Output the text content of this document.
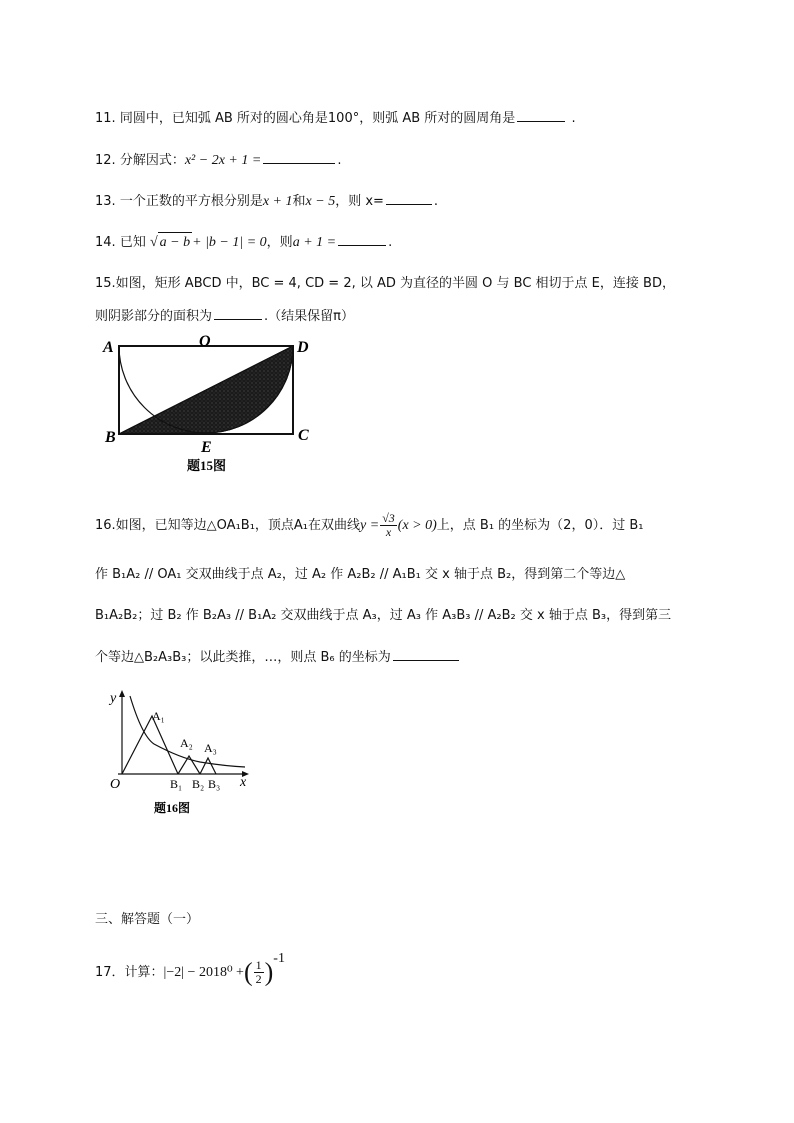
11. 同圆中，已知弧 AB 所对的圆心角是100°，则弧 AB 所对的圆周角是	.
12. 分解因式：x² − 2x + 1 =	.
13. 一个正数的平方根分别是x + 1和x − 5，则 x=	.
14. 已知 √ a − b + |b − 1| = 0，则a + 1 =	.
15.如图，矩形 ABCD 中，BC = 4, CD = 2, 以 AD 为直径的半圆 O 与 BC 相切于点 E，连接 BD，
则阴影部分的面积为	.（结果保留π）
A	O	D
B
E
C
题15图
16.如图，已知等边△OA₁B₁，顶点A₁在双曲线$y = \frac{√3}{x} (x > 0)$上，点 B₁ 的坐标为（2，0）．过 B₁
作 B₁A₂ // OA₁ 交双曲线于点 A₂，过 A₂ 作 A₂B₂ // A₁B₁ 交 x 轴于点 B₂，得到第二个等边△
B₁A₂B₂；过 B₂ 作 B₂A₃ // B₁A₂ 交双曲线于点 A₃，过 A₃ 作 A₃B₃ // A₂B₂ 交 x 轴于点 B₃，得到第三
个等边△B₂A₃B₃；以此类推，…，则点 B₆ 的坐标为
y
x
O
A₁
A₂ A₃
B₁ B₂ B₃
题16图
三、解答题（一）
17．计算：|−2| − 2018⁰ +( $\frac{1}{2} )^{-1}$
